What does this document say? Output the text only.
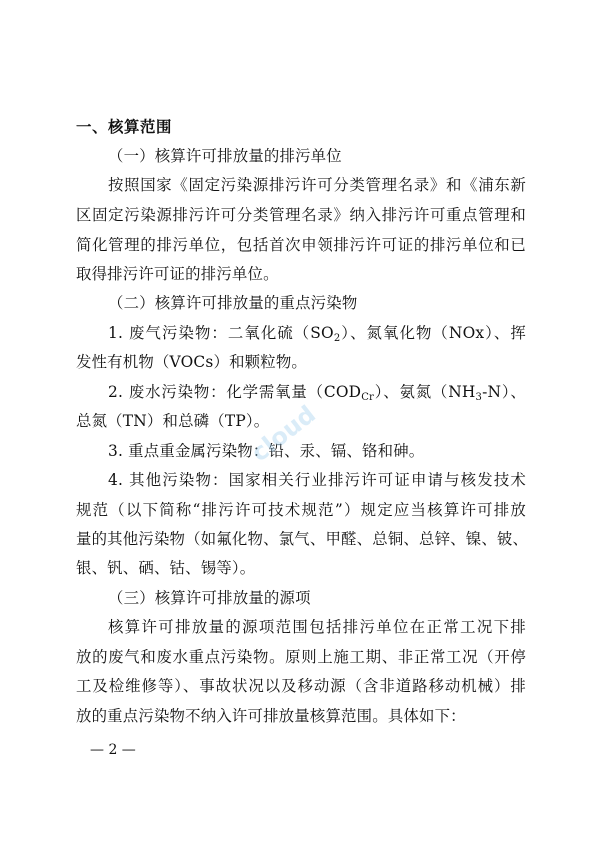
一、核算范围
（一）核算许可排放量的排污单位
按照国家《固定污染源排污许可分类管理名录》和《浦东新
区固定污染源排污许可分类管理名录》纳入排污许可重点管理和
简化管理的排污单位，包括首次申领排污许可证的排污单位和已
取得排污许可证的排污单位。
（二）核算许可排放量的重点污染物
1. 废气污染物：二氧化硫$(SO_2)$、氮氧化物（NOx）、挥
发性有机物（VOCs）和颗粒物。
2. 废水污染物：化学需氧量$(COD_{Cr})$、氨氮$(NH_3-N)$、
总氮（TN）和总磷（TP）。
3. 重点重金属污染物：铅、汞、镉、铬和砷。
4. 其他污染物：国家相关行业排污许可证申请与核发技术
规范（以下简称“排污许可技术规范”）规定应当核算许可排放
量的其他污染物（如氟化物、氯气、甲醛、总铜、总锌、镍、铍、
银、钒、硒、钴、锡等）。
（三）核算许可排放量的源项
核算许可排放量的源项范围包括排污单位在正常工况下排
放的废气和废水重点污染物。原则上施工期、非正常工况（开停
工及检维修等）、事故状况以及移动源（含非道路移动机械）排
放的重点污染物不纳入许可排放量核算范围。具体如下：
— 2 —
cloud
